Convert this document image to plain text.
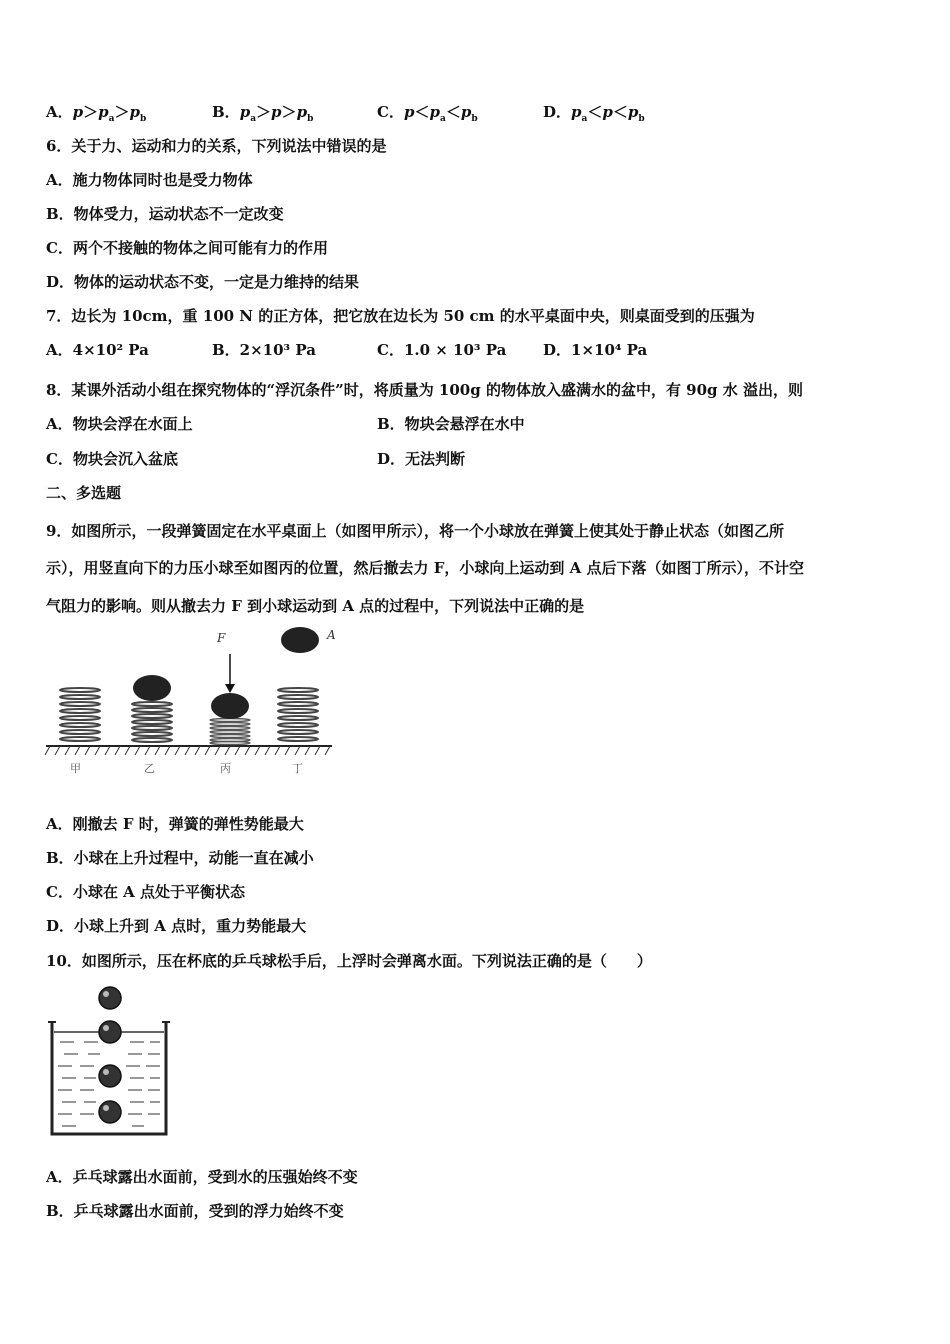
A．$p>p_a>p_b$	B．$p_a>p>p_b$	C．$p<p_a<p_b$	D．$p_a<p<p_b$
6．关于力、运动和力的关系，下列说法中错误的是
A．施力物体同时也是受力物体
B．物体受力，运动状态不一定改变
C．两个不接触的物体之间可能有力的作用
D．物体的运动状态不变，一定是力维持的结果
7．边长为 10cm，重 100 N 的正方体，把它放在边长为 50 cm 的水平桌面中央，则桌面受到的压强为
A．4×10² Pa	B．2×10³ Pa	C．1.0 × 10³ Pa D．1×10⁴ Pa
8．某课外活动小组在探究物体的“浮沉条件”时，将质量为 100g 的物体放入盛满水的盆中，有 90g 水 溢出，则
A．物块会浮在水面上	B．物块会悬浮在水中
C．物块会沉入盆底	D．无法判断
二、多选题
9．如图所示，一段弹簧固定在水平桌面上（如图甲所示），将一个小球放在弹簧上使其处于静止状态（如图乙所
示），用竖直向下的力压小球至如图丙的位置，然后撤去力 F，小球向上运动到 A 点后下落（如图丁所示），不计空
气阻力的影响。则从撤去力 F 到小球运动到 A 点的过程中，下列说法中正确的是
F	A
甲	乙	丙	丁
A．刚撤去 F 时，弹簧的弹性势能最大
B．小球在上升过程中，动能一直在减小
C．小球在 A 点处于平衡状态
D．小球上升到 A 点时，重力势能最大
10．如图所示，压在杯底的乒乓球松手后，上浮时会弹离水面。下列说法正确的是（　　）
A．乒乓球露出水面前，受到水的压强始终不变
B．乒乓球露出水面前，受到的浮力始终不变
